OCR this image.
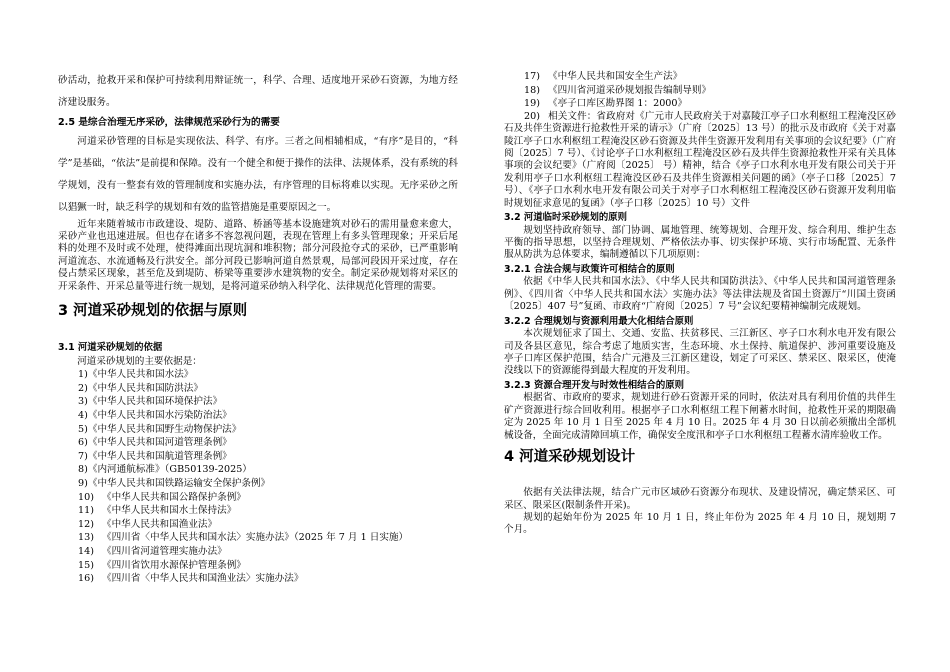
砂活动，抢救开采和保护可持续利用辩证统一，科学、合理、适度地开采砂石资源，为地方经济建设服务。

2.5 是综合治理无序采砂，法律规范采砂行为的需要

河道采砂管理的目标是实现依法、科学、有序。三者之间相辅相成，“有序”是目的，“科学”是基础，“依法”是前提和保障。没有一个健全和便于操作的法律、法规体系，没有系统的科学规划，没有一整套有效的管理制度和实施办法，有序管理的目标将难以实现。无序采砂之所以猖獗一时，缺乏科学的规划和有效的监管措施是重要原因之一。

近年来随着城市市政建设、堤防、道路、桥涵等基本设施建筑对砂石的需用量愈来愈大，采砂产业也迅速进展。但也存在诸多不容忽视问题，表现在管理上有多头管理现象；开采后尾料的处理不及时或不处理，使得滩面出现坑洞和堆积物；部分河段抢夺式的采砂，已严重影响河道流态、水流通畅及行洪安全。部分河段已影响河道自然景观，局部河段因开采过度，存在侵占禁采区现象，甚至危及到堤防、桥梁等重要涉水建筑物的安全。制定采砂规划将对采区的开采条件、开采总量等进行统一规划，是将河道采砂纳入科学化、法律规范化管理的需要。

3 河道采砂规划的依据与原则
3.1 河道采砂规划的依据

河道采砂规划的主要依据是：

1)《中华人民共和国水法》
2)《中华人民共和国防洪法》
3)《中华人民共和国环境保护法》
4)《中华人民共和国水污染防治法》
5)《中华人民共和国野生动物保护法》
6)《中华人民共和国河道管理条例》
7)《中华人民共和国航道管理条例》
8)《内河通航标准》（GB50139-2025）
9)《中华人民共和国铁路运输安全保护条例》
10) 《中华人民共和国公路保护条例》
11) 《中华人民共和国水土保持法》
12) 《中华人民共和国渔业法》
13) 《四川省〈中华人民共和国水法〉实施办法》（2025 年 7 月 1 日实施）
14) 《四川省河道管理实施办法》
15) 《四川省饮用水源保护管理条例》
16) 《四川省〈中华人民共和国渔业法〉实施办法》
17) 《中华人民共和国安全生产法》
18) 《四川省河道采砂规划报告编制导则》
19) 《亭子口库区勘界图 1：2000》

20) 相关文件：省政府对《广元市人民政府关于对嘉陵江亭子口水利枢纽工程淹没区砂石及共伴生资源进行抢救性开采的请示》（广府〔2025〕13 号）的批示及市政府《关于对嘉陵江亭子口水利枢纽工程淹没区砂石资源及共伴生资源开发利用有关事项的会议纪要》（广府阅〔2025〕7 号）、《讨论亭子口水利枢纽工程淹没区砂石及共伴生资源抢救性开采有关具体事项的会议纪要》（广府阅〔2025〕 号）精神，结合《亭子口水利水电开发有限公司关于开发利用亭子口水利枢纽工程淹没区砂石及共伴生资源相关问题的函》（亭子口移〔2025〕7 号）、《亭子口水利水电开发有限公司关于对亭子口水利枢纽工程淹没区砂石资源开发利用临时规划征求意见的复函》（亭子口移〔2025〕10 号）文件

3.2 河道临时采砂规划的原则

规划坚持政府领导、部门协调、属地管理、统筹规划、合理开发、综合利用、维护生态平衡的指导思想，以坚持合理规划、严格依法办事、切实保护环境、实行市场配置、无条件服从防洪为总体要求，编制遵循以下几项原则：

3.2.1 合法合规与政策许可相结合的原则

依据《中华人民共和国水法》、《中华人民共和国防洪法》、《中华人民共和国河道管理条例》、《四川省〈中华人民共和国水法〉实施办法》等法律法规及省国土资源厅“川国土资函〔2025〕407 号”复函、市政府“广府阅〔2025〕7 号”会议纪要精神编制完成规划。

3.2.2 合理规划与资源利用最大化相结合原则

本次规划征求了国土、交通、安监、扶贫移民、三江新区、亭子口水利水电开发有限公司及各县区意见，综合考虑了地质实害，生态环境、水土保持、航道保护、涉河重要设施及亭子口库区保护范围，结合广元港及三江新区建设，划定了可采区、禁采区、限采区，使淹没线以下的资源能得到最大程度的开发利用。

3.2.3 资源合理开发与时效性相结合的原则

根据省、市政府的要求，规划进行砂石资源开采的同时，依法对具有利用价值的共伴生矿产资源进行综合回收利用。根据亭子口水利枢纽工程下闸蓄水时间，抢救性开采的期限确定为 2025 年 10 月 1 日至 2025 年 4 月 10 日。2025 年 4 月 30 日以前必须撤出全部机械设备，全面完成清障回填工作，确保安全度汛和亭子口水利枢纽工程蓄水清库验收工作。

4 河道采砂规划设计

依据有关法律法规，结合广元市区域砂石资源分布现状、及建设情况，确定禁采区、可采区、限采区(限制条件开采)。

规划的起始年份为 2025 年 10 月 1 日，终止年份为 2025 年 4 月 10 日，规划期 7 个月。
